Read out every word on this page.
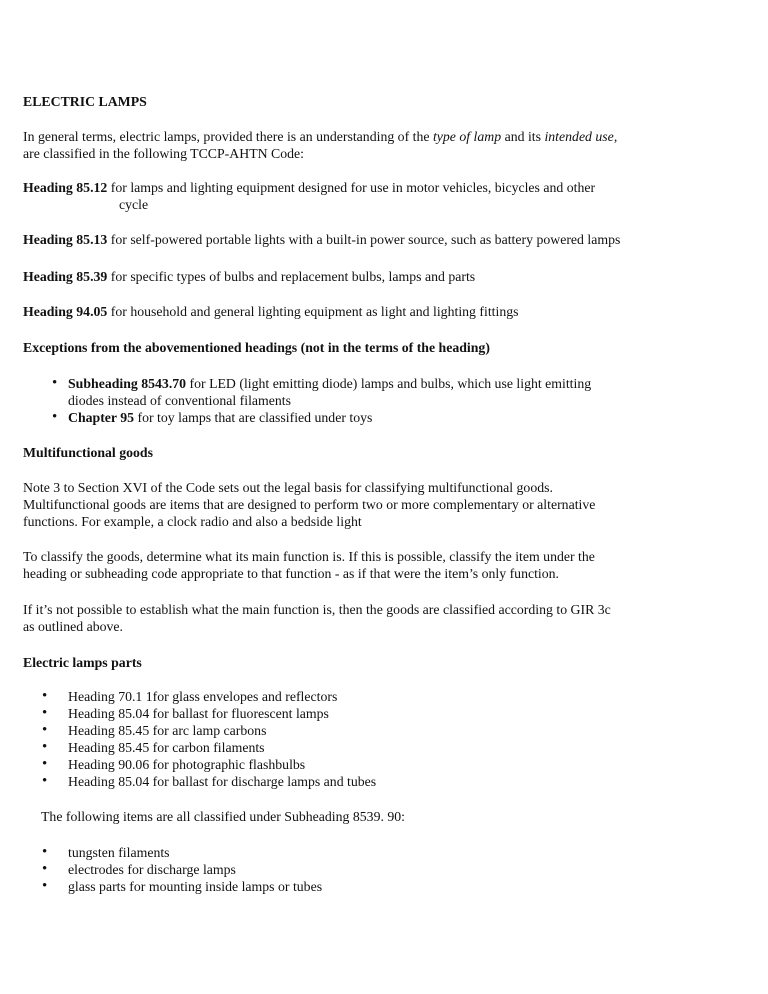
ELECTRIC LAMPS

In general terms, electric lamps, provided there is an understanding of the type of lamp and its intended use,
are classified in the following TCCP-AHTN Code:

Heading 85.12 for lamps and lighting equipment designed for use in motor vehicles, bicycles and other
cycle

Heading 85.13 for self-powered portable lights with a built-in power source, such as battery powered lamps

Heading 85.39 for specific types of bulbs and replacement bulbs, lamps and parts

Heading 94.05 for household and general lighting equipment as light and lighting fittings

Exceptions from the abovementioned headings (not in the terms of the heading)

• Subheading 8543.70 for LED (light emitting diode) lamps and bulbs, which use light emitting
diodes instead of conventional filaments
• Chapter 95 for toy lamps that are classified under toys

Multifunctional goods

Note 3 to Section XVI of the Code sets out the legal basis for classifying multifunctional goods.
Multifunctional goods are items that are designed to perform two or more complementary or alternative
functions. For example, a clock radio and also a bedside light

To classify the goods, determine what its main function is. If this is possible, classify the item under the
heading or subheading code appropriate to that function - as if that were the item’s only function.

If it’s not possible to establish what the main function is, then the goods are classified according to GIR 3c
as outlined above.

Electric lamps parts

• Heading 70.1 1for glass envelopes and reflectors
• Heading 85.04 for ballast for fluorescent lamps
• Heading 85.45 for arc lamp carbons
• Heading 85.45 for carbon filaments
• Heading 90.06 for photographic flashbulbs
• Heading 85.04 for ballast for discharge lamps and tubes

The following items are all classified under Subheading 8539. 90:

• tungsten filaments
• electrodes for discharge lamps
• glass parts for mounting inside lamps or tubes
